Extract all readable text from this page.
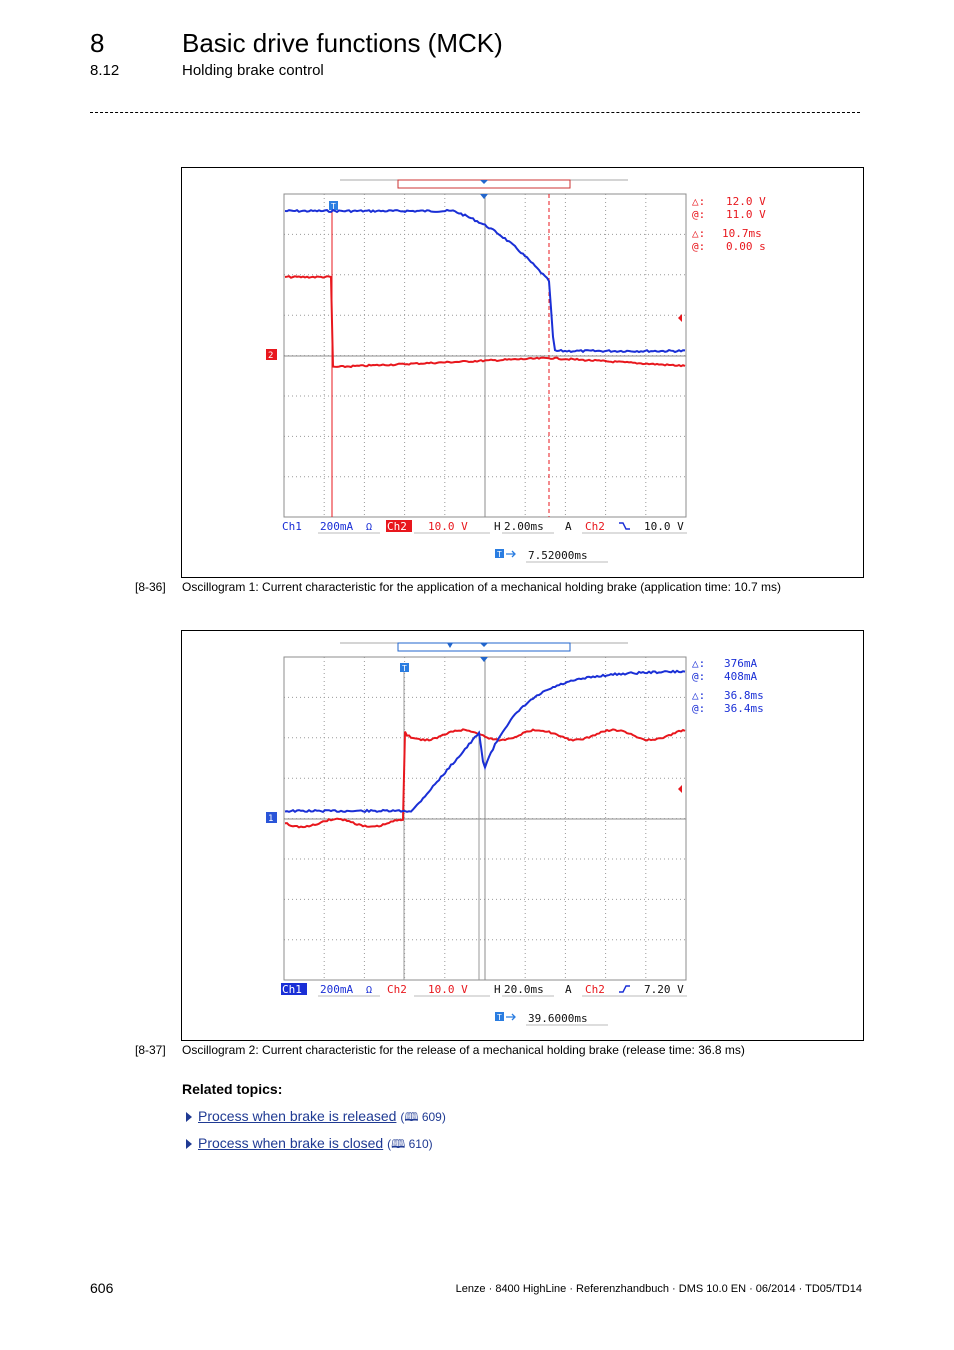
8	Basic drive functions (MCK)
8.12	Holding brake control
T
2
△: 12.0 V
@: 11.0 V
△: 10.7ms
@: 0.00 s
Ch1 200mA Ω Ch2 10.0 V H 2.00ms A Ch2	10.0 V
T 7.52000ms
[8-36] Oscillogram 1: Current characteristic for the application of a mechanical holding brake (application time: 10.7 ms)
T
1
△: 376mA
@: 408mA
△: 36.8ms
@: 36.4ms
Ch1 200mA Ω Ch2 10.0 V H 20.0ms A Ch2	7.20 V
T 39.6000ms
[8-37] Oscillogram 2: Current characteristic for the release of a mechanical holding brake (release time: 36.8 ms)
Related topics:
Process when brake is released (🕮 609)
Process when brake is closed (🕮 610)
606	Lenze · 8400 HighLine · Referenzhandbuch · DMS 10.0 EN · 06/2014 · TD05/TD14
